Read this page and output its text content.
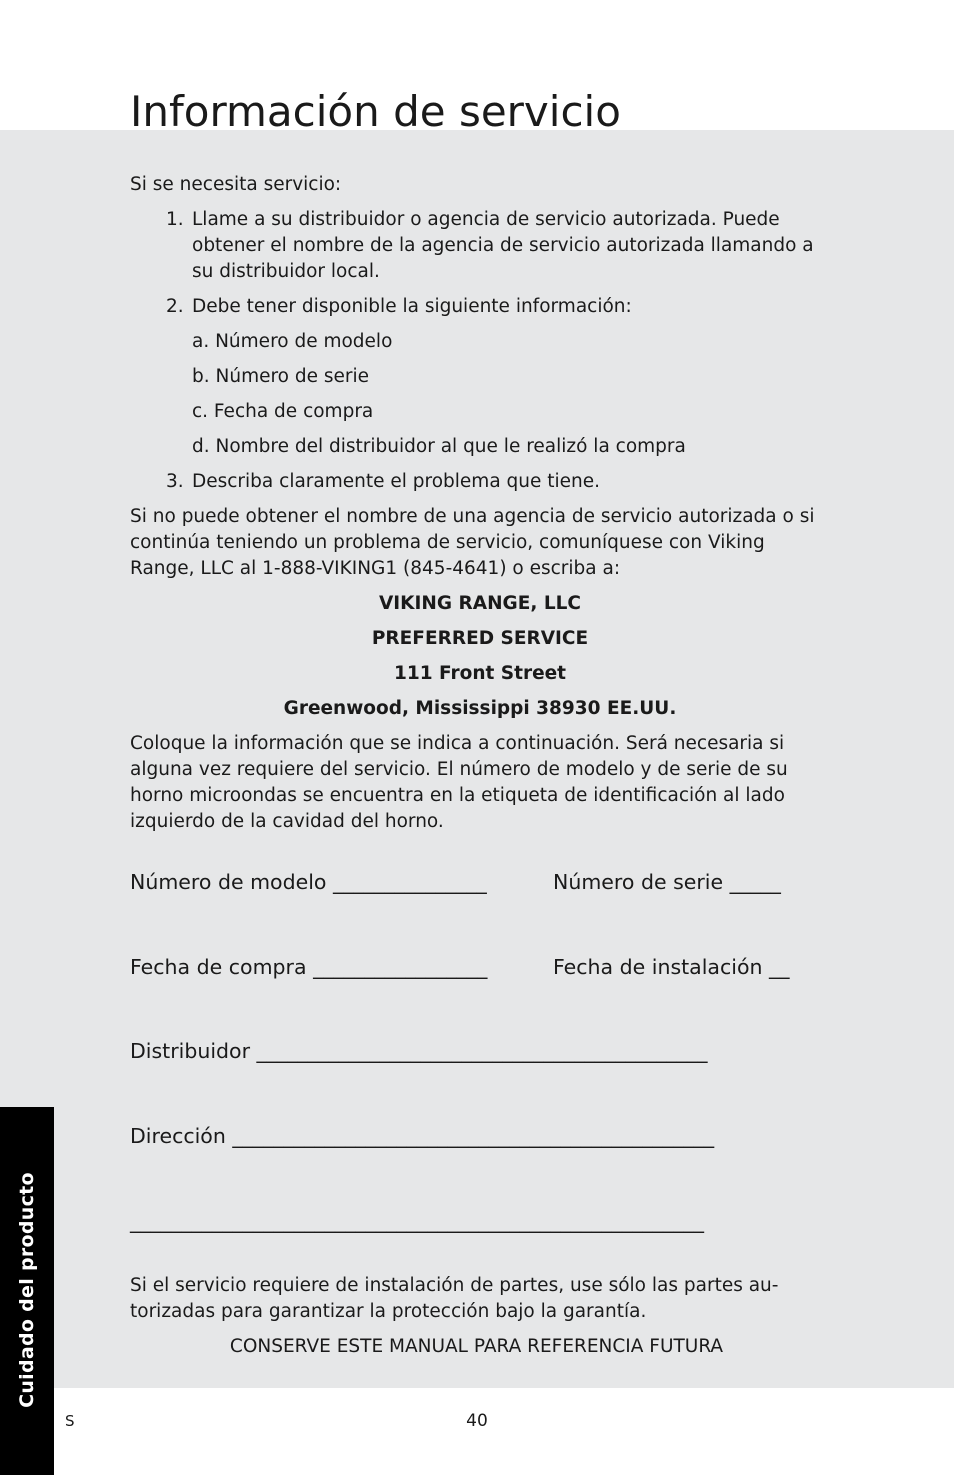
Información de servicio

Si se necesita servicio:

1. Llame a su distribuidor o agencia de servicio autorizada. Puede obtener el nombre de la agencia de servicio autorizada llamando a su distribuidor local.
2. Debe tener disponible la siguiente información:

a. Número de modelo

b. Número de serie

c. Fecha de compra

d. Nombre del distribuidor al que le realizó la compra

3. Describa claramente el problema que tiene.

Si no puede obtener el nombre de una agencia de servicio autorizada o si continúa teniendo un problema de servicio, comuníquese con Viking Range, LLC al 1-888-VIKING1 (845-4641) o escriba a:

VIKING RANGE, LLC

PREFERRED SERVICE

111 Front Street

Greenwood, Mississippi 38930 EE.UU.

Coloque la información que se indica a continuación. Será necesaria si alguna vez requiere del servicio. El número de modelo y de serie de su horno microondas se encuentra en la etiqueta de identificación al lado izquierdo de la cavidad del horno.

Número de modelo _______________	Número de serie _____
Fecha de compra _________________	Fecha de instalación __
Distribuidor ____________________________________________
Dirección _______________________________________________
________________________________________________________

Si el servicio requiere de instalación de partes, use sólo las partes au-torizadas para garantizar la protección bajo la garantía.

CONSERVE ESTE MANUAL PARA REFERENCIA FUTURA

Cuidado del producto
S	40
